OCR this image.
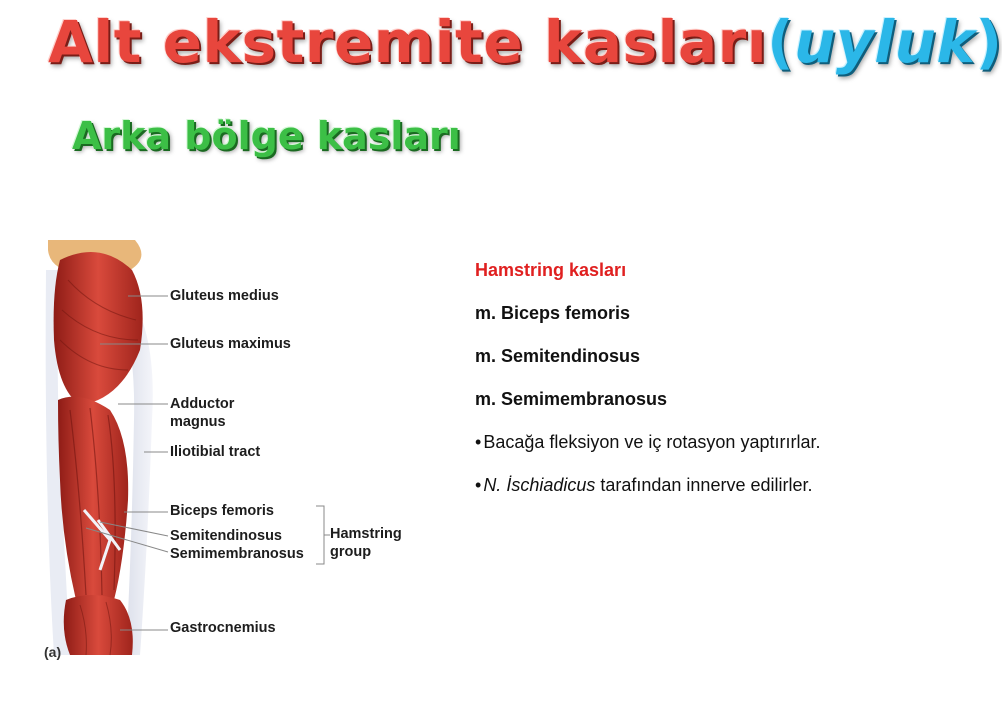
Alt ekstremite kasları(uyluk)
Arka bölge kasları
Gluteus medius
Gluteus maximus
Adductor
magnus
Iliotibial tract
Biceps femoris
Semitendinosus
Semimembranosus
Hamstring
group
Gastrocnemius
(a)

Hamstring kasları

m. Biceps femoris

m. Semitendinosus

m. Semimembranosus

• Bacağa fleksiyon ve iç rotasyon yaptırırlar.

• N. İschiadicus tarafından innerve edilirler.
